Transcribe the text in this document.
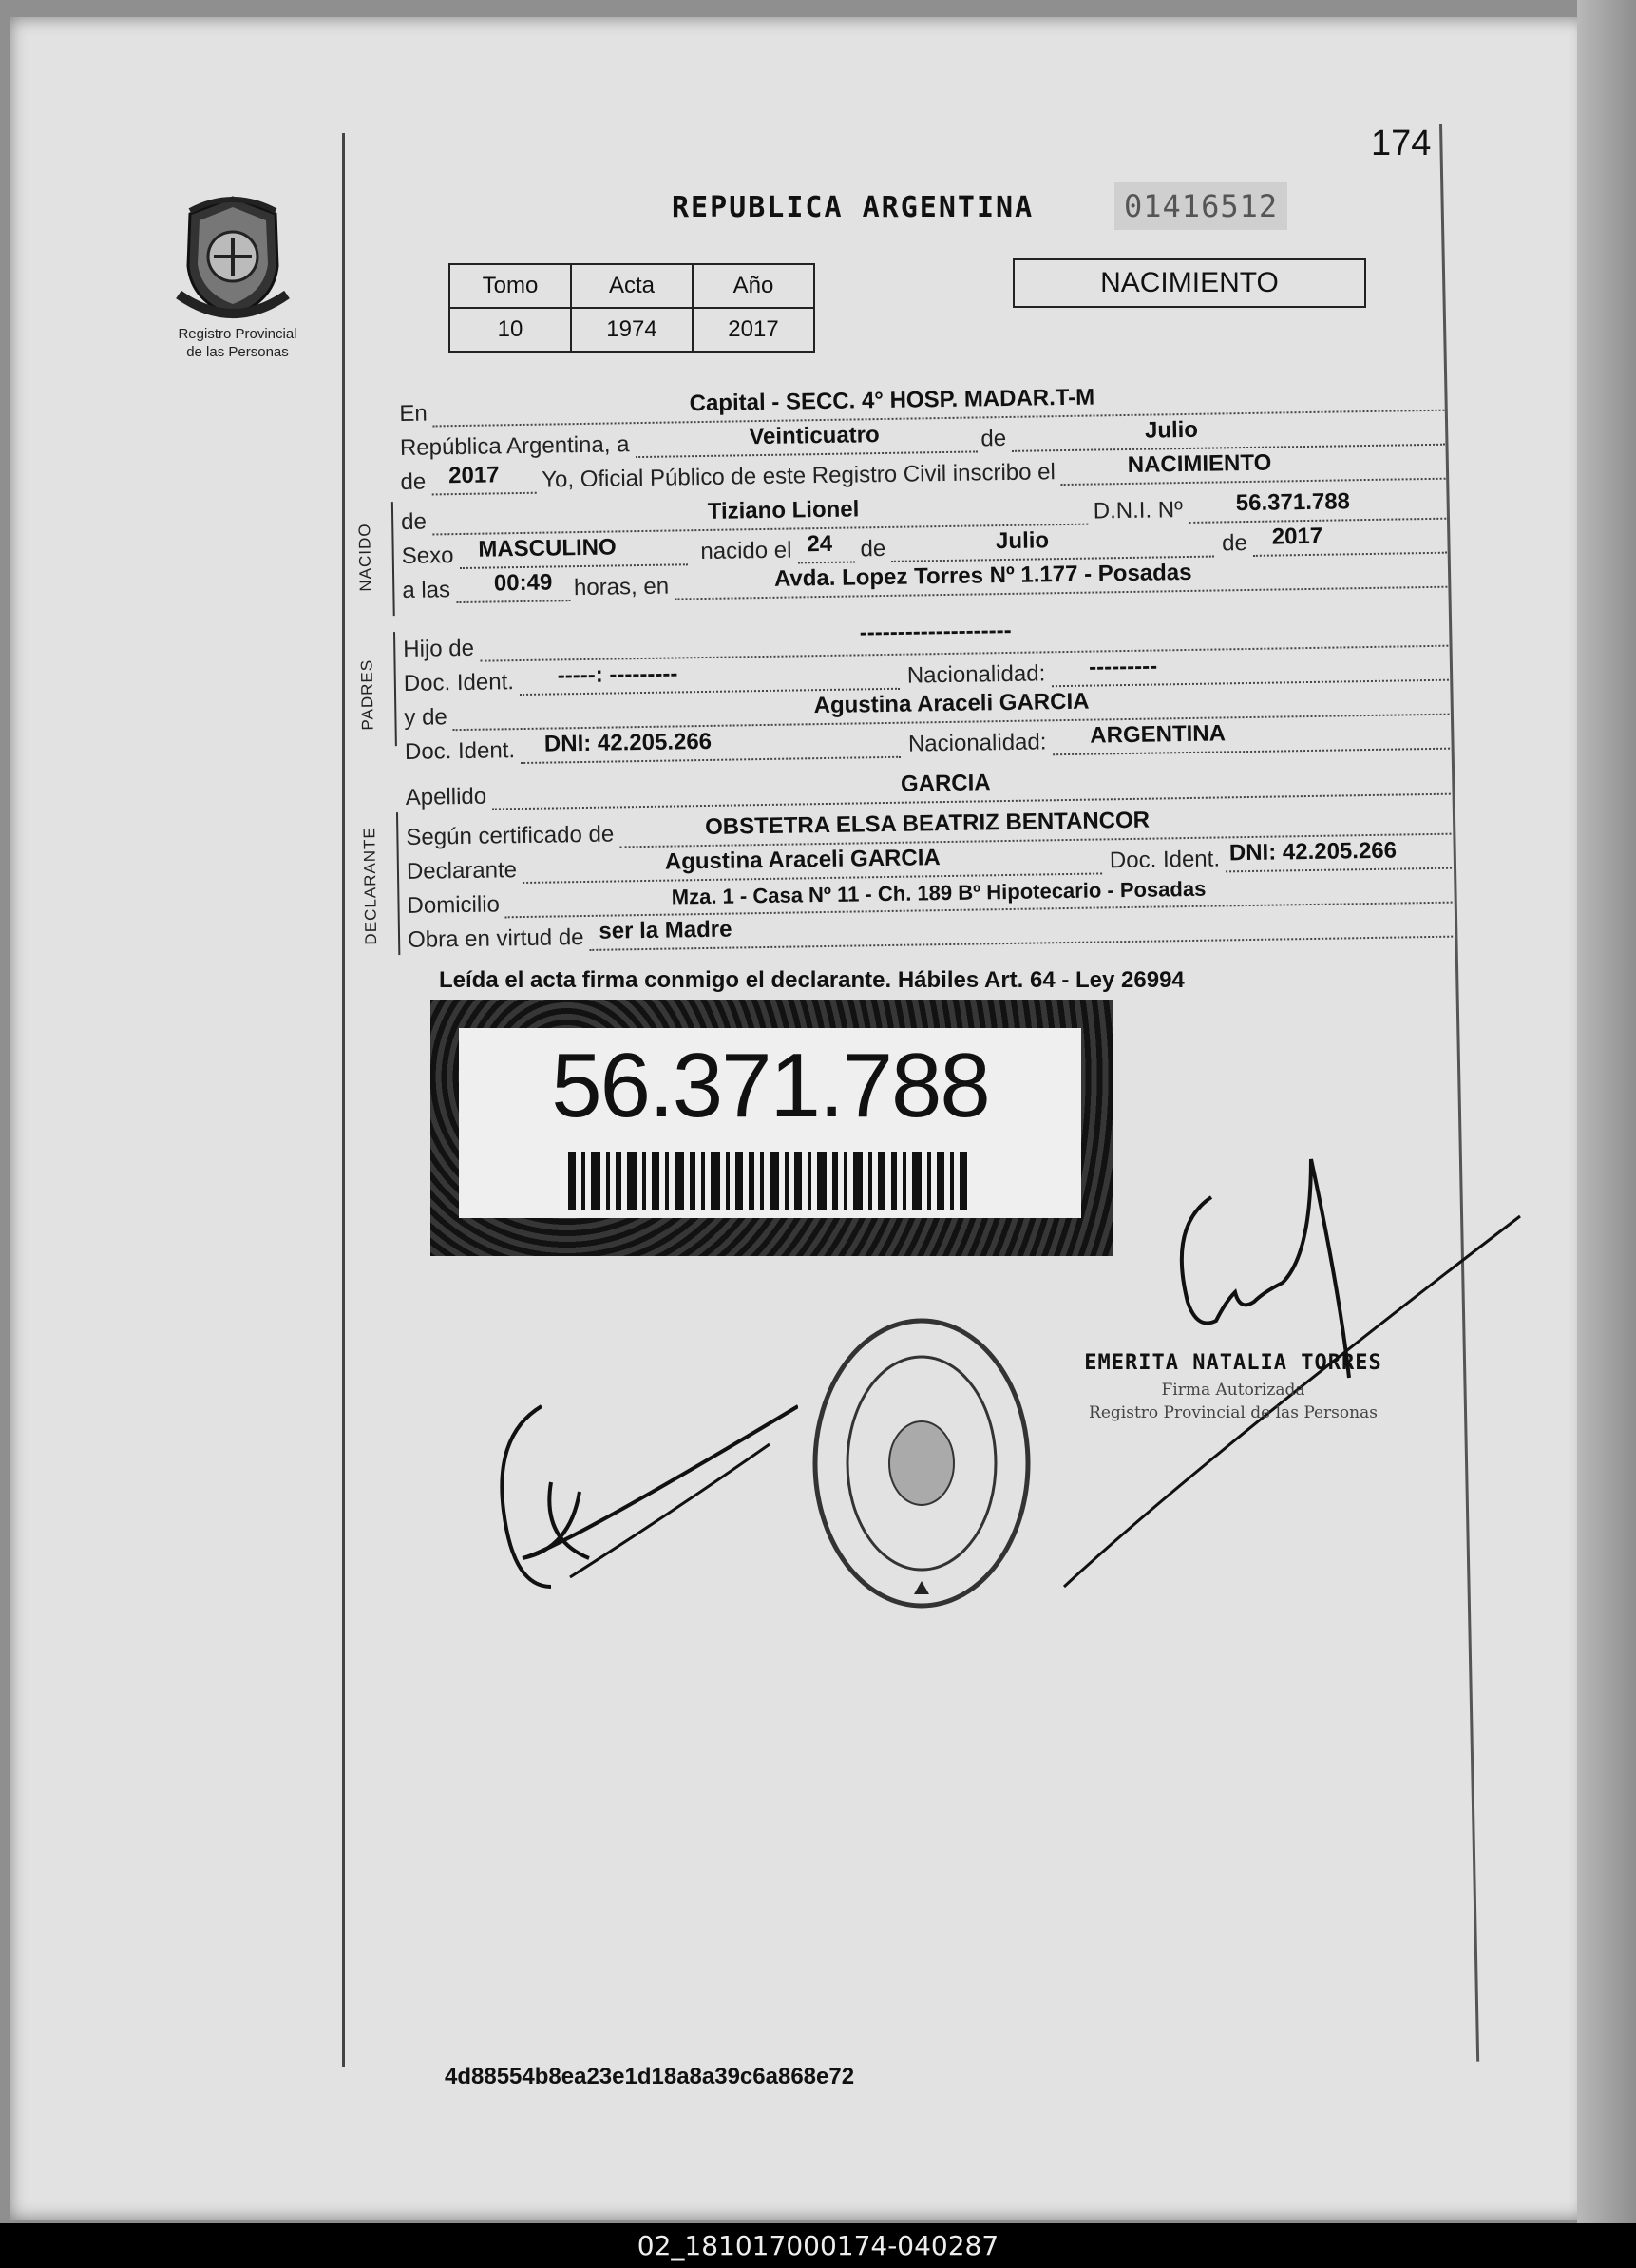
Registro Provincial
de las Personas
174
REPUBLICA ARGENTINA	01416512
Tomo	Acta	Año
10	1974	2017
NACIMIENTO
En	Capital - SECC. 4° HOSP. MADAR.T-M
República Argentina, a	Veinticuatro	de	Julio
de 2017 Yo, Oficial Público de este Registro Civil inscribo el	NACIMIENTO
NACIDO
de	Tiziano Lionel	D.N.I. Nº 56.371.788
Sexo MASCULINO	nacido el 24 de	Julio	de 2017
a las 00:49 horas, en	Avda. Lopez Torres Nº 1.177 - Posadas
PADRES
Hijo de
--------------------
Doc. Ident. -----: ---------	Nacionalidad: ---------
y de	Agustina Araceli GARCIA
Doc. Ident. DNI: 42.205.266	Nacionalidad: ARGENTINA
Apellido
GARCIA
DECLARANTE Según certificado de	OBSTETRA ELSA BEATRIZ BENTANCOR
Declarante	Agustina Araceli GARCIA	Doc. Ident. DNI: 42.205.266
Domicilio	Mza. 1 - Casa Nº 11 - Ch. 189 Bº Hipotecario - Posadas
Obra en virtud de ser la Madre
Leída el acta firma conmigo el declarante. Hábiles Art. 64 - Ley 26994
56.371.788
EMERITA NATALIA TORRES
Firma Autorizada
Registro Provincial de las Personas
4d88554b8ea23e1d18a8a39c6a868e72
02_181017000174-040287
